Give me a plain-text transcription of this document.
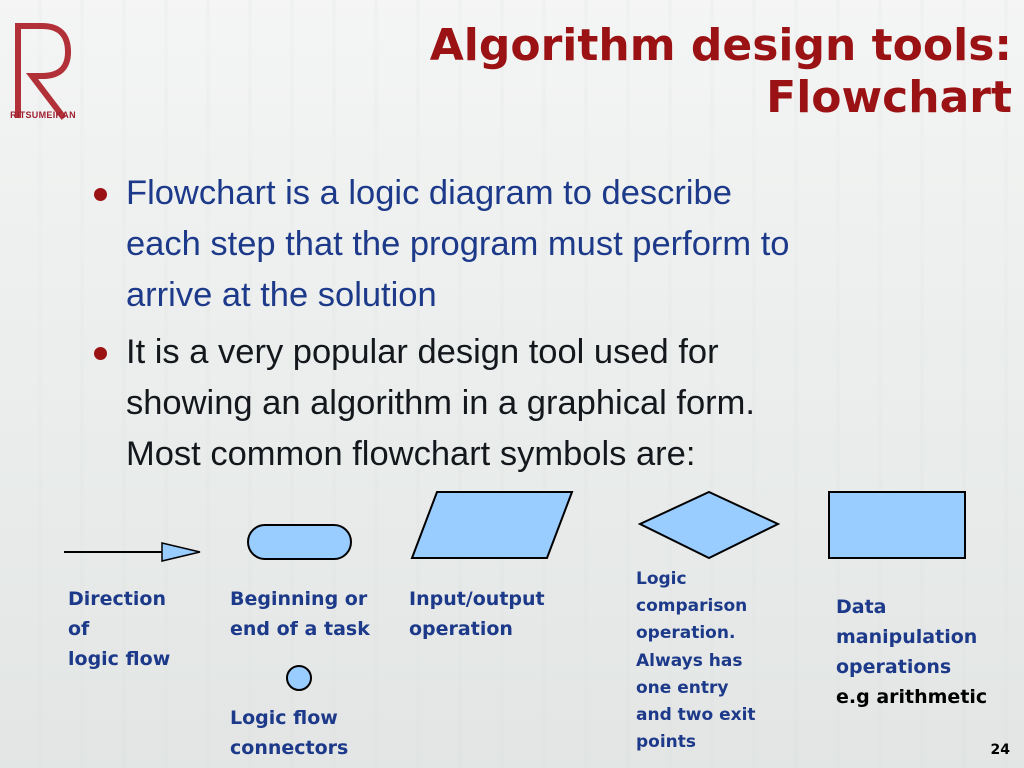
RITSUMEIKAN
Algorithm design tools:
Flowchart
Flowchart is a logic diagram to describe
each step that the program must perform to
arrive at the solution
It is a very popular design tool used for
showing an algorithm in a graphical form.
Most common flowchart symbols are:
Direction
of
logic flow
Beginning or
end of a task
Logic flow
connectors
Input/output
operation
Logic
comparison
operation.
Always has
one entry
and two exit
points
Data
manipulation
operations
e.g arithmetic
24
